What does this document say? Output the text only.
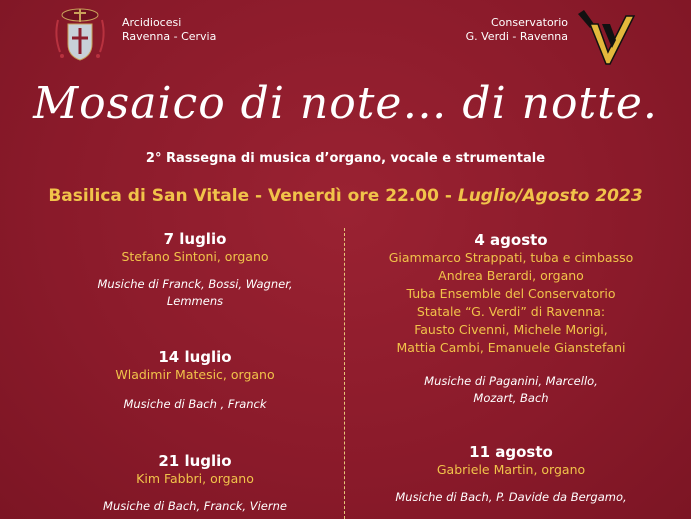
Arcidiocesi
Ravenna - Cervia
Conservatorio
G. Verdi - Ravenna
Mosaico di note… di notte.
2° Rassegna di musica d’organo, vocale e strumentale
Basilica di San Vitale - Venerdì ore 22.00 - Luglio/Agosto 2023
7 luglio
Stefano Sintoni, organo
Musiche di Franck, Bossi, Wagner,
Lemmens
14 luglio
Wladimir Matesic, organo
Musiche di Bach , Franck
21 luglio
Kim Fabbri, organo
Musiche di Bach, Franck, Vierne
4 agosto
Giammarco Strappati, tuba e cimbasso
Andrea Berardi, organo
Tuba Ensemble del Conservatorio
Statale “G. Verdi” di Ravenna:
Fausto Civenni, Michele Morigi,
Mattia Cambi, Emanuele Gianstefani
Musiche di Paganini, Marcello,
Mozart, Bach
11 agosto
Gabriele Martin, organo
Musiche di Bach, P. Davide da Bergamo,
